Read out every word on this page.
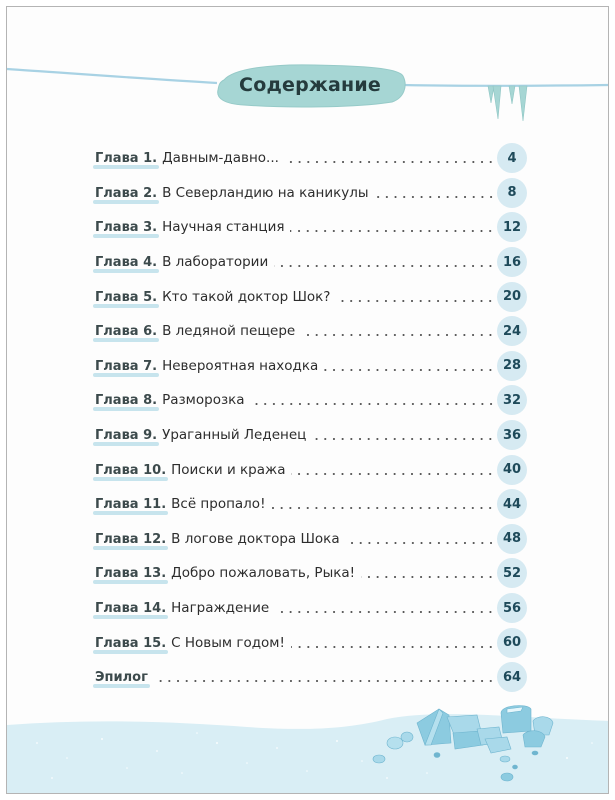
Содержание
Глава 1. Давным-давно...	4
Глава 2. В Северландию на каникулы	8
Глава 3. Научная станция	12
Глава 4. В лаборатории	16
Глава 5. Кто такой доктор Шок?	20
Глава 6. В ледяной пещере	24
Глава 7. Невероятная находка	28
Глава 8. Разморозка	32
Глава 9. Ураганный Леденец	36
Глава 10. Поиски и кража	40
Глава 11. Всё пропало!	44
Глава 12. В логове доктора Шока	48
Глава 13. Добро пожаловать, Рыка!	52
Глава 14. Награждение	56
Глава 15. С Новым годом!	60
Эпилог	64
